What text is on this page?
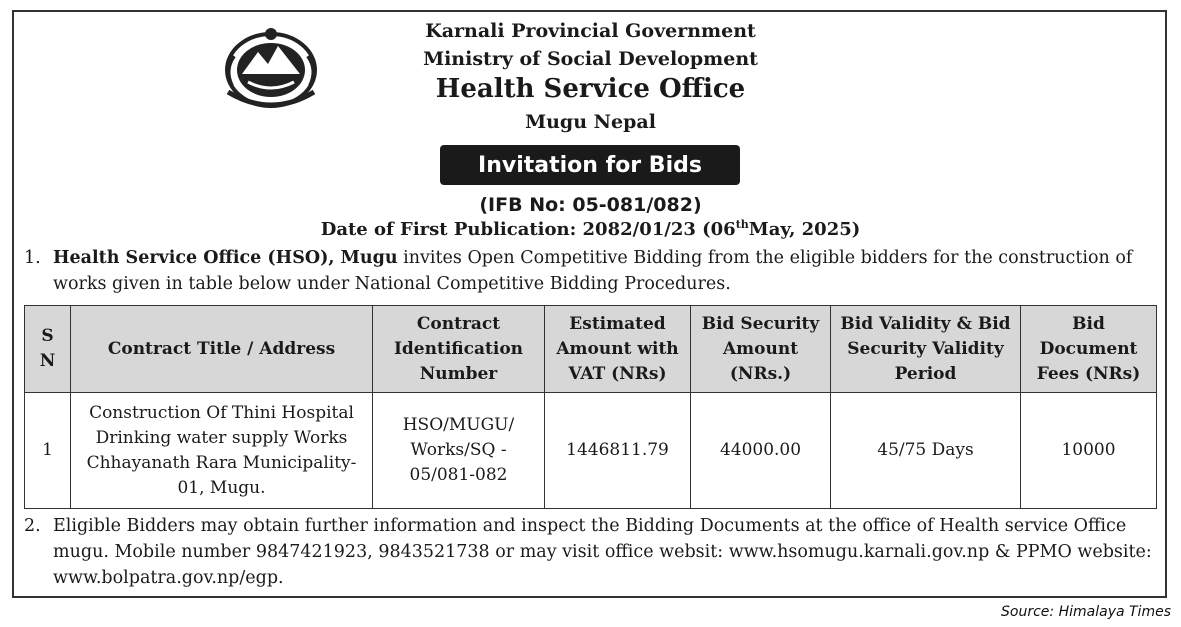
Karnali Provincial Government
Ministry of Social Development
Health Service Office
Mugu Nepal
Invitation for Bids
(IFB No: 05-081/082)
Date of First Publication: 2082/01/23 (06thMay, 2025)
1. Health Service Office (HSO), Mugu invites Open Competitive Bidding from the eligible bidders for the construction of works given in table below under National Competitive Bidding Procedures.
S N	Contract Title / Address	Contract Identification Number	Estimated Amount with VAT (NRs)	Bid Security Amount (NRs.)	Bid Validity & Bid Security Validity Period	Bid Document Fees (NRs)
1	Construction Of Thini Hospital Drinking water supply Works Chhayanath Rara Municipality-01, Mugu.	HSO/MUGU/ Works/SQ - 05/081-082	1446811.79	44000.00	45/75 Days	10000
2. Eligible Bidders may obtain further information and inspect the Bidding Documents at the office of Health service Office mugu. Mobile number 9847421923, 9843521738 or may visit office websit: www.hsomugu.karnali.gov.np & PPMO website: www.bolpatra.gov.np/egp.
Source: Himalaya Times
